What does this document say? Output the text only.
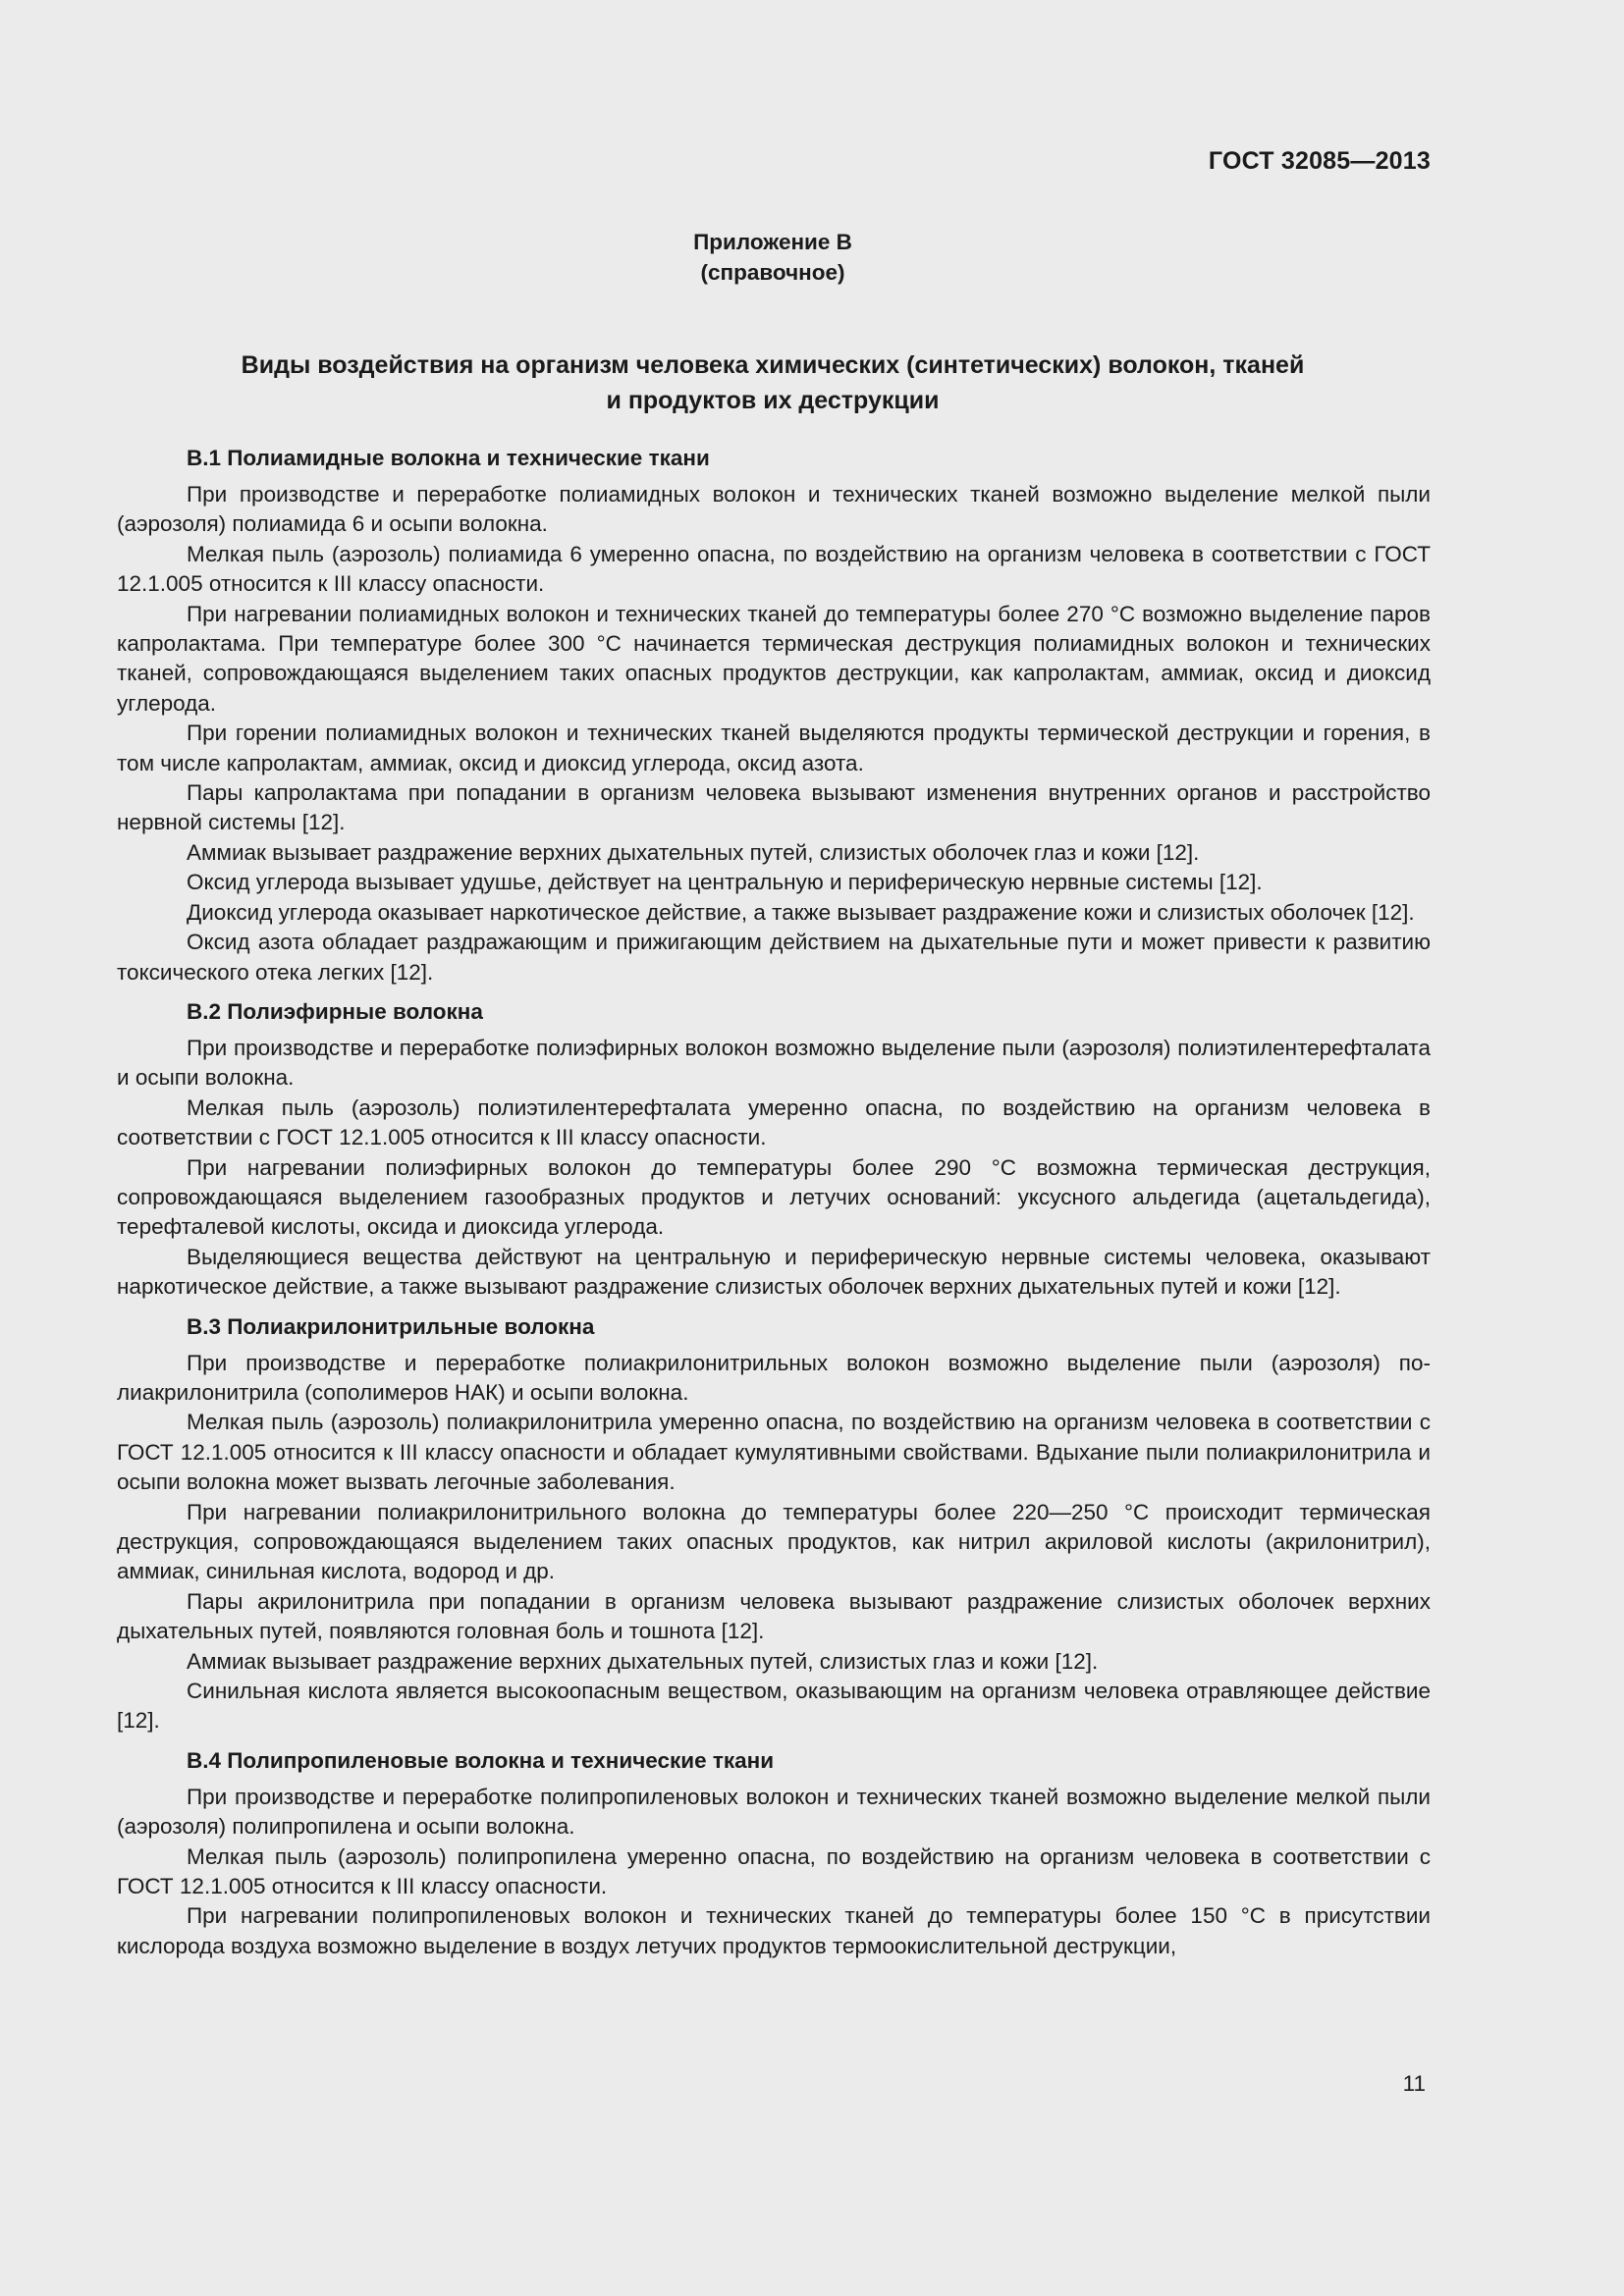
ГОСТ 32085—2013
Приложение В
(справочное)
Виды воздействия на организм человека химических (синтетических) волокон, тканей
и продуктов их деструкции
В.1 Полиамидные волокна и технические ткани

При производстве и переработке полиамидных волокон и технических тканей возможно выделение мелкой пыли (аэрозоля) полиамида 6 и осыпи волокна.

Мелкая пыль (аэрозоль) полиамида 6 умеренно опасна, по воздействию на организм человека в соответствии с ГОСТ 12.1.005 относится к III классу опасности.

При нагревании полиамидных волокон и технических тканей до температуры более 270 °С возможно выделение паров капролактама. При температуре более 300 °С начинается термическая деструкция полиамидных волокон и технических тканей, сопровождающаяся выделением таких опасных продуктов деструкции, как капролактам, аммиак, оксид и диоксид углерода.

При горении полиамидных волокон и технических тканей выделяются продукты термической деструкции и горения, в том числе капролактам, аммиак, оксид и диоксид углерода, оксид азота.

Пары капролактама при попадании в организм человека вызывают изменения внутренних органов и расстройство нервной системы [12].

Аммиак вызывает раздражение верхних дыхательных путей, слизистых оболочек глаз и кожи [12].

Оксид углерода вызывает удушье, действует на центральную и периферическую нервные системы [12].

Диоксид углерода оказывает наркотическое действие, а также вызывает раздражение кожи и слизистых оболочек [12].

Оксид азота обладает раздражающим и прижигающим действием на дыхательные пути и может привести к развитию токсического отека легких [12].

В.2 Полиэфирные волокна

При производстве и переработке полиэфирных волокон возможно выделение пыли (аэрозоля) полиэтилентерефталата и осыпи волокна.

Мелкая пыль (аэрозоль) полиэтилентерефталата умеренно опасна, по воздействию на организм человека в соответствии с ГОСТ 12.1.005 относится к III классу опасности.

При нагревании полиэфирных волокон до температуры более 290 °С возможна термическая деструкция, сопровождающаяся выделением газообразных продуктов и летучих оснований: уксусного альдегида (ацетальдегида), терефталевой кислоты, оксида и диоксида углерода.

Выделяющиеся вещества действуют на центральную и периферическую нервные системы человека, оказывают наркотическое действие, а также вызывают раздражение слизистых оболочек верхних дыхательных путей и кожи [12].

В.3 Полиакрилонитрильные волокна

При производстве и переработке полиакрилонитрильных волокон возможно выделение пыли (аэрозоля) полиакрилонитрила (сополимеров НАК) и осыпи волокна.

Мелкая пыль (аэрозоль) полиакрилонитрила умеренно опасна, по воздействию на организм человека в соответствии с ГОСТ 12.1.005 относится к III классу опасности и обладает кумулятивными свойствами. Вдыхание пыли полиакрилонитрила и осыпи волокна может вызвать легочные заболевания.

При нагревании полиакрилонитрильного волокна до температуры более 220—250 °С происходит термическая деструкция, сопровождающаяся выделением таких опасных продуктов, как нитрил акриловой кислоты (акрилонитрил), аммиак, синильная кислота, водород и др.

Пары акрилонитрила при попадании в организм человека вызывают раздражение слизистых оболочек верхних дыхательных путей, появляются головная боль и тошнота [12].

Аммиак вызывает раздражение верхних дыхательных путей, слизистых глаз и кожи [12].

Синильная кислота является высокоопасным веществом, оказывающим на организм человека отравляющее действие [12].

В.4 Полипропиленовые волокна и технические ткани

При производстве и переработке полипропиленовых волокон и технических тканей возможно выделение мелкой пыли (аэрозоля) полипропилена и осыпи волокна.

Мелкая пыль (аэрозоль) полипропилена умеренно опасна, по воздействию на организм человека в соответствии с ГОСТ 12.1.005 относится к III классу опасности.

При нагревании полипропиленовых волокон и технических тканей до температуры более 150 °С в присутствии кислорода воздуха возможно выделение в воздух летучих продуктов термоокислительной деструкции,

11
